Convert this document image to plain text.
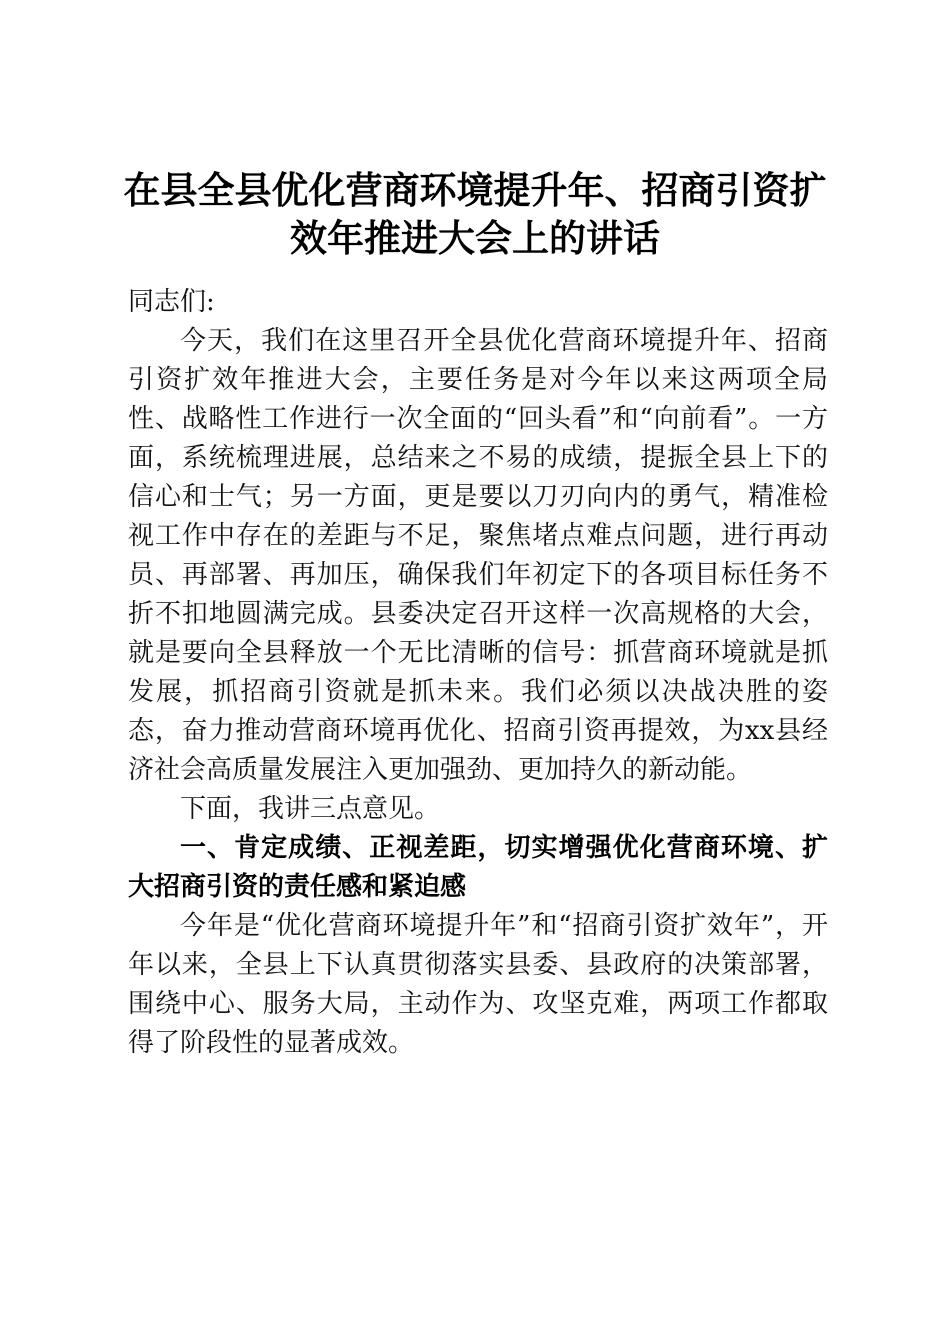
在县全县优化营商环境提升年、招商引资扩效年推进大会上的讲话

同志们:

今天，我们在这里召开全县优化营商环境提升年、招商引资扩效年推进大会，主要任务是对今年以来这两项全局性、战略性工作进行一次全面的“回头看”和“向前看”。一方面，系统梳理进展，总结来之不易的成绩，提振全县上下的信心和士气；另一方面，更是要以刀刃向内的勇气，精准检视工作中存在的差距与不足，聚焦堵点难点问题，进行再动员、再部署、再加压，确保我们年初定下的各项目标任务不折不扣地圆满完成。县委决定召开这样一次高规格的大会，就是要向全县释放一个无比清晰的信号：抓营商环境就是抓发展，抓招商引资就是抓未来。我们必须以决战决胜的姿态，奋力推动营商环境再优化、招商引资再提效，为xx县经济社会高质量发展注入更加强劲、更加持久的新动能。

下面，我讲三点意见。

一、肯定成绩、正视差距，切实增强优化营商环境、扩大招商引资的责任感和紧迫感

今年是“优化营商环境提升年”和“招商引资扩效年”，开年以来，全县上下认真贯彻落实县委、县政府的决策部署，围绕中心、服务大局，主动作为、攻坚克难，两项工作都取得了阶段性的显著成效。
